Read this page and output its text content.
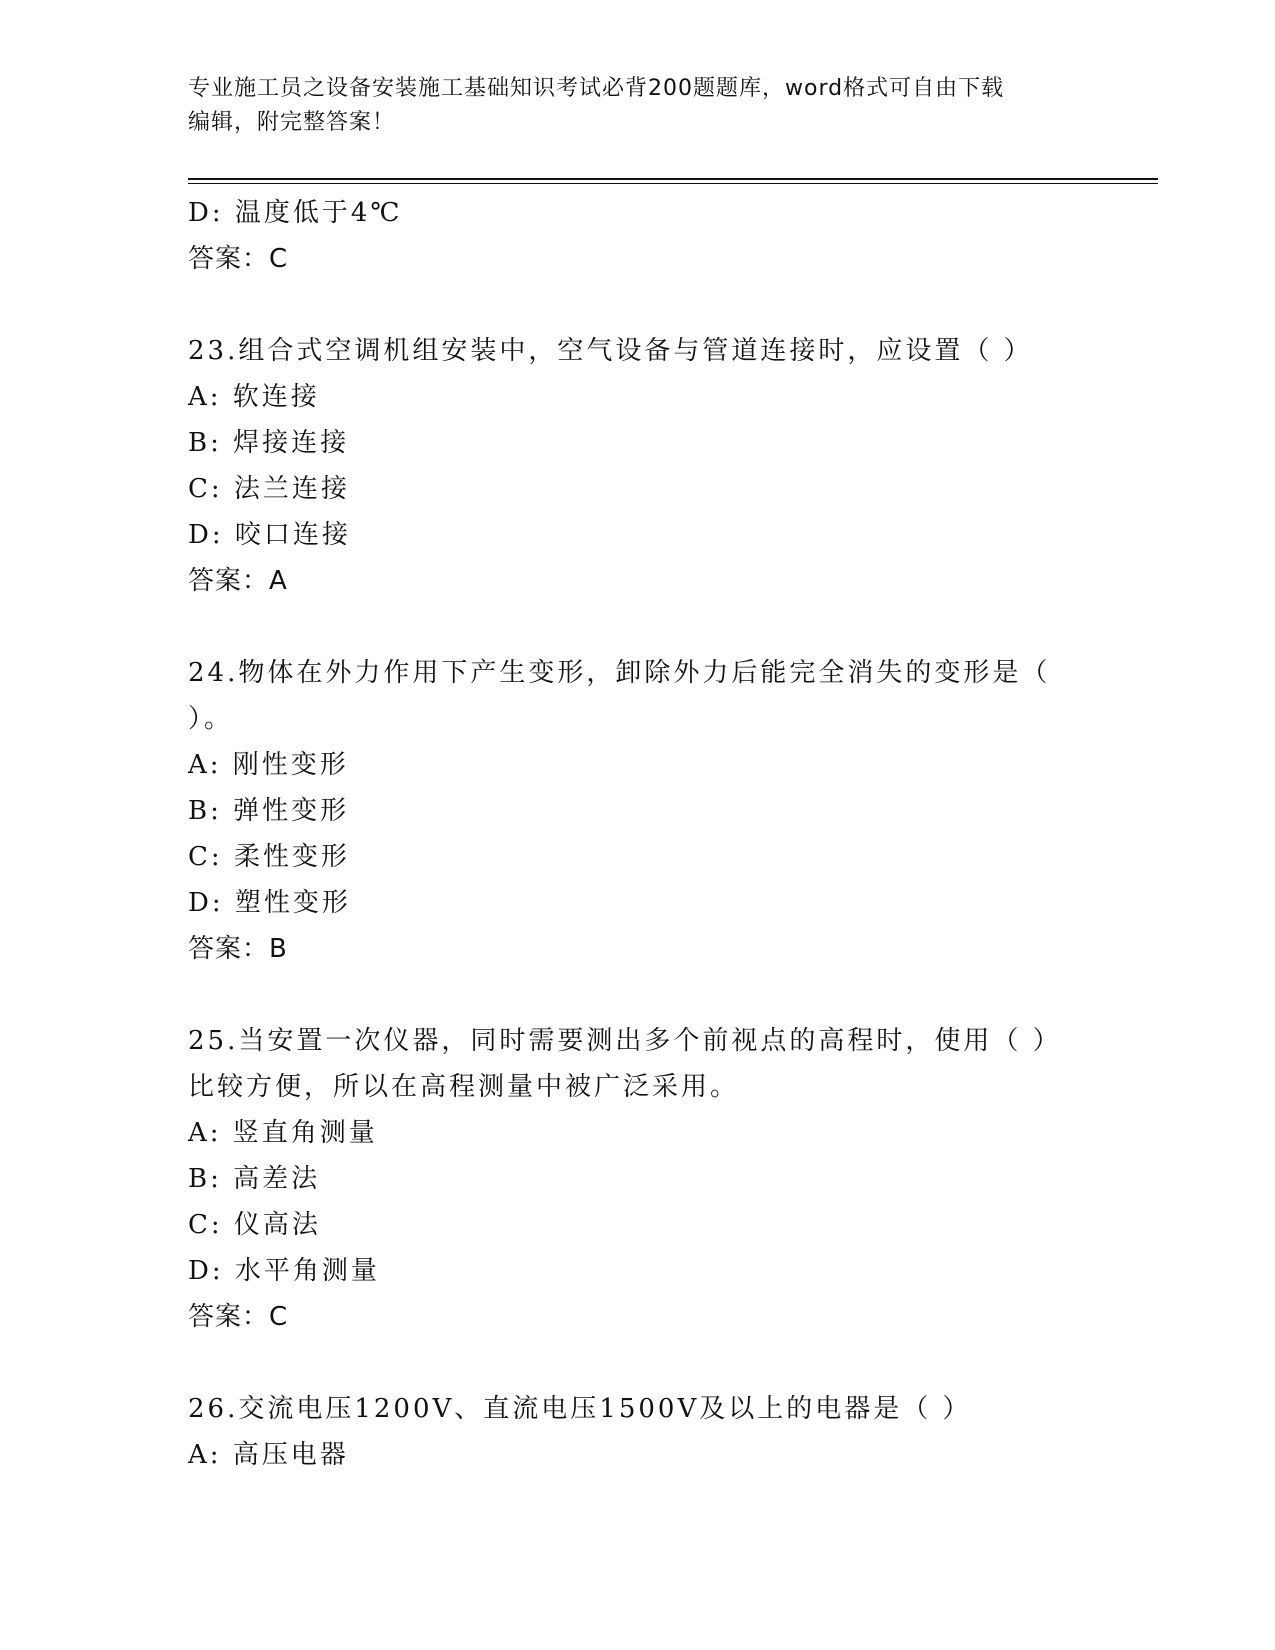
专业施工员之设备安装施工基础知识考试必背200题题库，word格式可自由下载
编辑，附完整答案！
D: 温度低于4℃
答案：C
23.组合式空调机组安装中，空气设备与管道连接时，应设置（ ）
A: 软连接
B: 焊接连接
C: 法兰连接
D: 咬口连接
答案：A
24.物体在外力作用下产生变形，卸除外力后能完全消失的变形是（
）。
A: 刚性变形
B: 弹性变形
C: 柔性变形
D: 塑性变形
答案：B
25.当安置一次仪器，同时需要测出多个前视点的高程时，使用（ ）
比较方便，所以在高程测量中被广泛采用。
A: 竖直角测量
B: 高差法
C: 仪高法
D: 水平角测量
答案：C
26.交流电压1200V、直流电压1500V及以上的电器是（ ）
A: 高压电器
